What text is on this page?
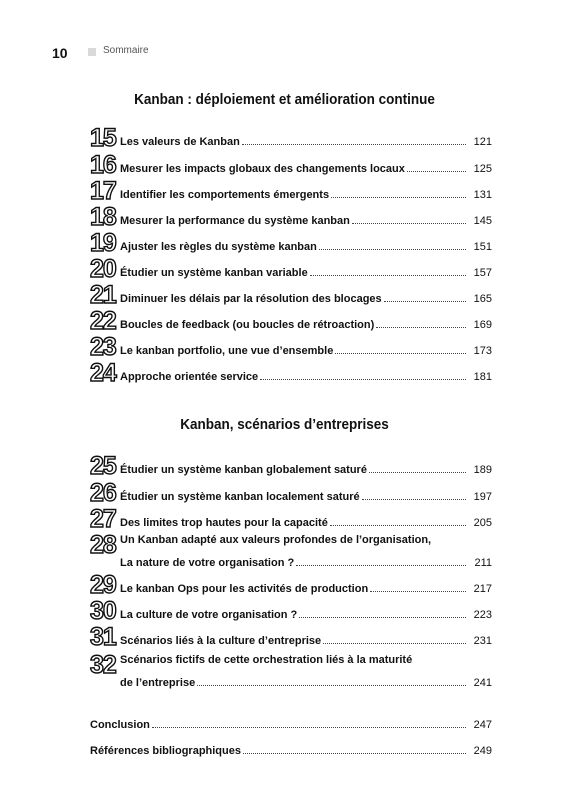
10	Sommaire
Kanban : déploiement et amélioration continue
15 Les valeurs de Kanban	121
16 Mesurer les impacts globaux des changements locaux	125
17 Identifier les comportements émergents	131
18 Mesurer la performance du système kanban	145
19 Ajuster les règles du système kanban	151
20 Étudier un système kanban variable	157
21 Diminuer les délais par la résolution des blocages	165
22 Boucles de feedback (ou boucles de rétroaction)	169
23 Le kanban portfolio, une vue d’ensemble	173
24 Approche orientée service	181
Kanban, scénarios d’entreprises
25 Étudier un système kanban globalement saturé	189
26 Étudier un système kanban localement saturé	197
27 Des limites trop hautes pour la capacité	205
28 Un Kanban adapté aux valeurs profondes de l’organisation,
La nature de votre organisation ?	211
29 Le kanban Ops pour les activités de production	217
30 La culture de votre organisation ?	223
31 Scénarios liés à la culture d’entreprise	231
32 Scénarios fictifs de cette orchestration liés à la maturité
de l’entreprise	241
Conclusion	247
Références bibliographiques	249
